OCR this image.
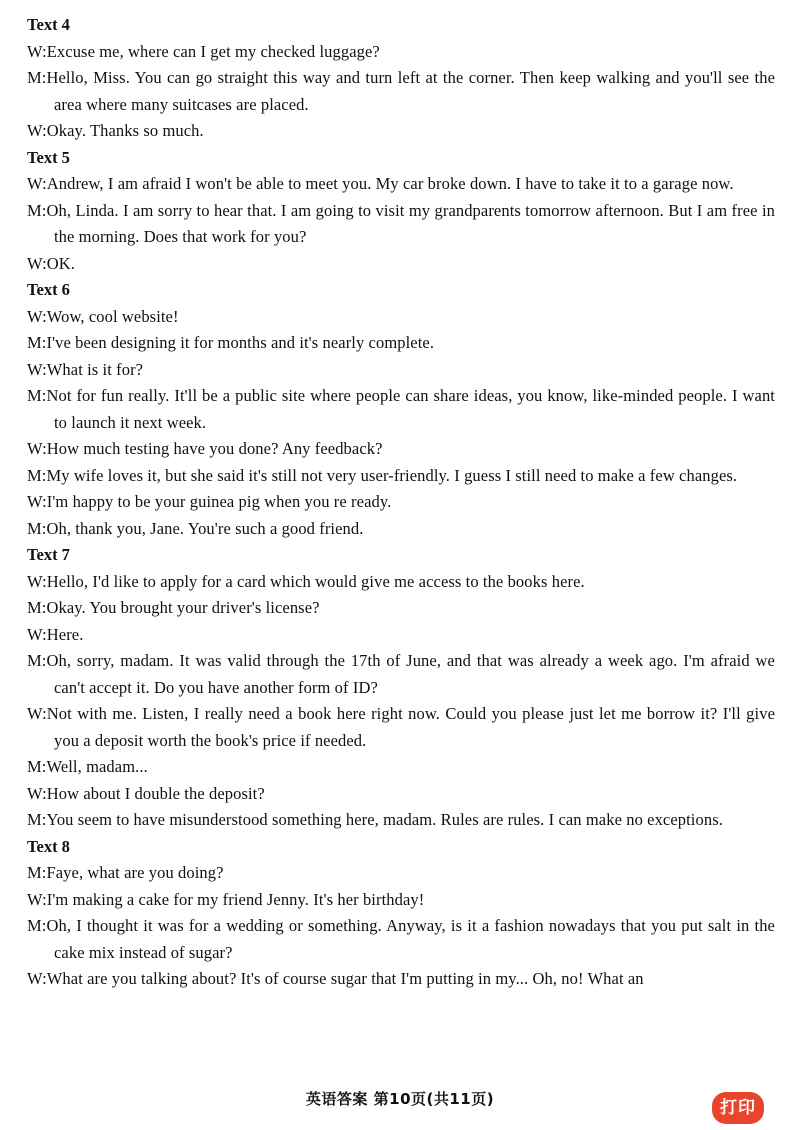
Text 4

W:Excuse me, where can I get my checked luggage?

M:Hello, Miss. You can go straight this way and turn left at the corner. Then keep walking and you'll see the area where many suitcases are placed.

W:Okay. Thanks so much.

Text 5

W:Andrew, I am afraid I won't be able to meet you. My car broke down. I have to take it to a garage now.

M:Oh, Linda. I am sorry to hear that. I am going to visit my grandparents tomorrow afternoon. But I am free in the morning. Does that work for you?

W:OK.

Text 6

W:Wow, cool website!

M:I've been designing it for months and it's nearly complete.

W:What is it for?

M:Not for fun really. It'll be a public site where people can share ideas, you know, like-minded people. I want to launch it next week.

W:How much testing have you done? Any feedback?

M:My wife loves it, but she said it's still not very user-friendly. I guess I still need to make a few changes.

W:I'm happy to be your guinea pig when you re ready.

M:Oh, thank you, Jane. You're such a good friend.

Text 7

W:Hello, I'd like to apply for a card which would give me access to the books here.

M:Okay. You brought your driver's license?

W:Here.

M:Oh, sorry, madam. It was valid through the 17th of June, and that was already a week ago. I'm afraid we can't accept it. Do you have another form of ID?

W:Not with me. Listen, I really need a book here right now. Could you please just let me borrow it? I'll give you a deposit worth the book's price if needed.

M:Well, madam...

W:How about I double the deposit?

M:You seem to have misunderstood something here, madam. Rules are rules. I can make no exceptions.

Text 8

M:Faye, what are you doing?

W:I'm making a cake for my friend Jenny. It's her birthday!

M:Oh, I thought it was for a wedding or something. Anyway, is it a fashion nowadays that you put salt in the cake mix instead of sugar?

W:What are you talking about? It's of course sugar that I'm putting in my... Oh, no! What an

英语答案 第10页(共11页)	打印
